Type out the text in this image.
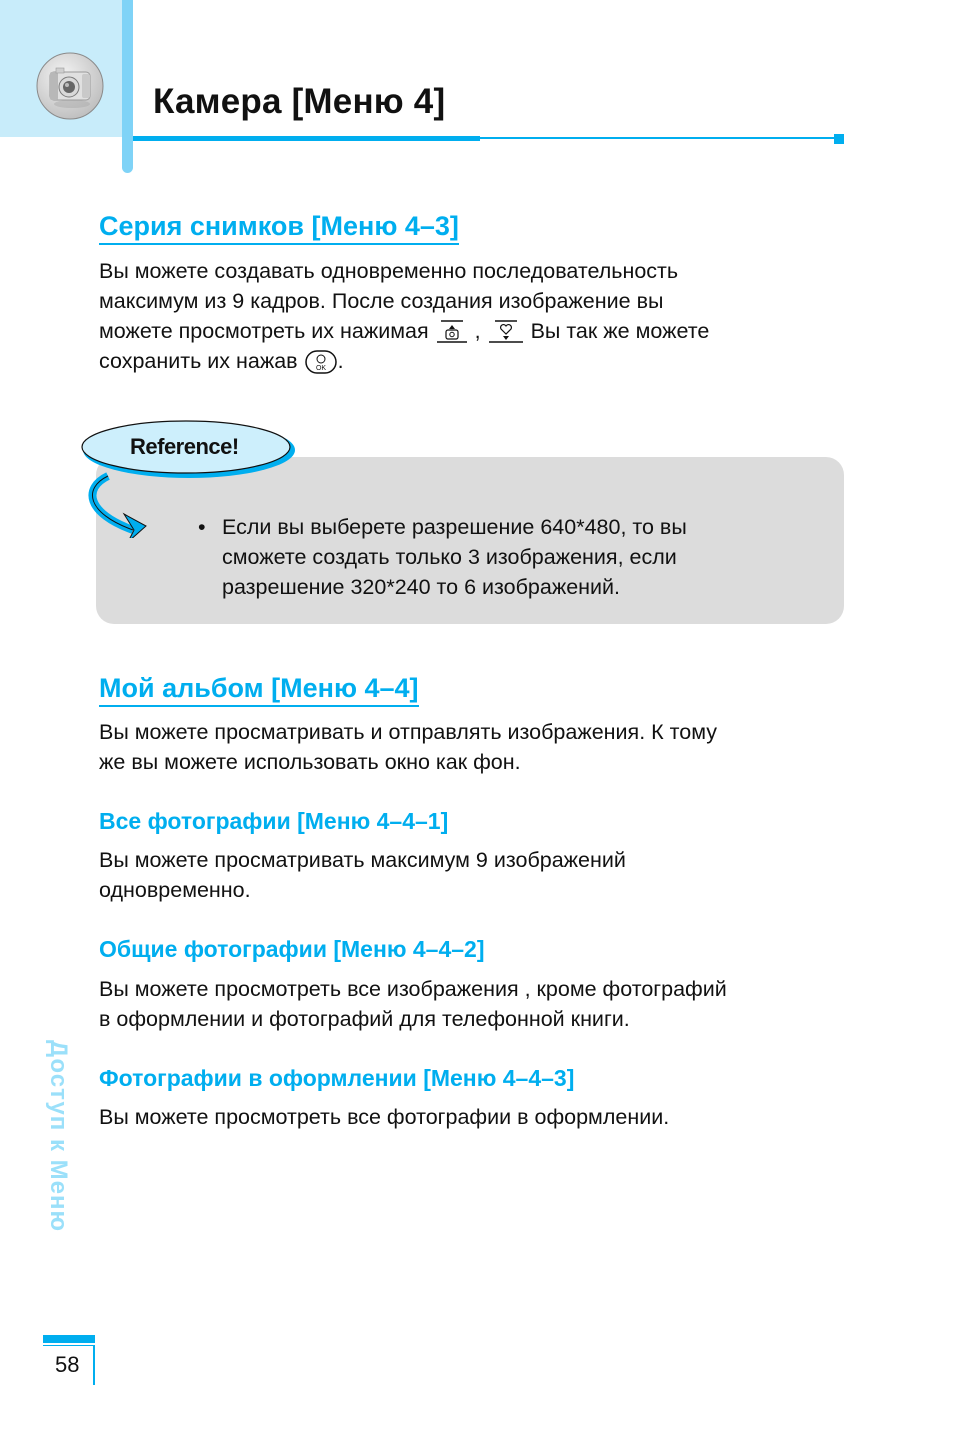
Камера [Меню 4]
Серия снимков [Меню 4–3]
Вы можете создавать одновременно последовательность
максимум из 9 кадров. После создания изображение вы
можете просмотреть их нажимая , Вы так же можете
сохранить их нажав	OK .
Reference!
• Если вы выберете разрешение 640*480, то вы
сможете создать только 3 изображения, если
разрешение 320*240 то 6 изображений.
Мой альбом [Меню 4–4]
Вы можете просматривать и отправлять изображения. К тому
же вы можете использовать окно как фон.
Все фотографии [Меню 4–4–1]
Вы можете просматривать максимум 9 изображений
одновременно.
Общие фотографии [Меню 4–4–2]
Вы можете просмотреть все изображения , кроме фотографий
в оформлении и фотографий для телефонной книги.
Фотографии в оформлении [Меню 4–4–3]
Вы можете просмотреть все фотографии в оформлении.
Доступ к Меню
58
